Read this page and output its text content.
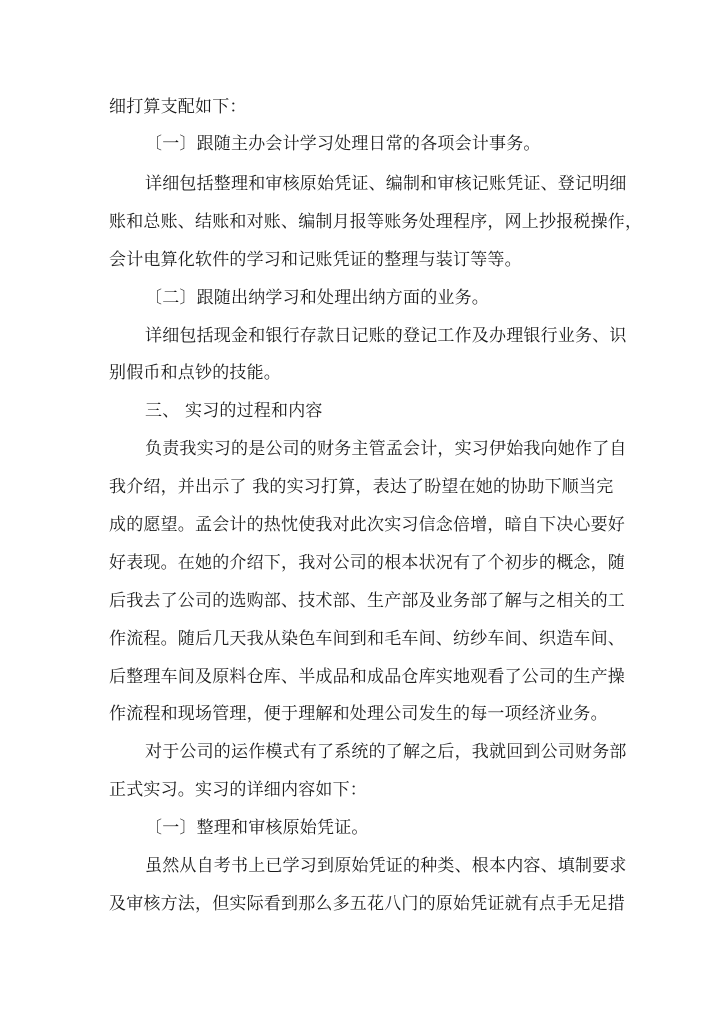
细打算支配如下：
〔一〕跟随主办会计学习处理日常的各项会计事务。
详细包括整理和审核原始凭证、编制和审核记账凭证、登记明细
账和总账、结账和对账、编制月报等账务处理程序，网上抄报税操作，
会计电算化软件的学习和记账凭证的整理与装订等等。
〔二〕跟随出纳学习和处理出纳方面的业务。
详细包括现金和银行存款日记账的登记工作及办理银行业务、识
别假币和点钞的技能。
三、 实习的过程和内容
负责我实习的是公司的财务主管孟会计，实习伊始我向她作了自
我介绍，并出示了 我的实习打算，表达了盼望在她的协助下顺当完
成的愿望。孟会计的热忱使我对此次实习信念倍增，暗自下决心要好
好表现。在她的介绍下，我对公司的根本状况有了个初步的概念，随
后我去了公司的选购部、技术部、生产部及业务部了解与之相关的工
作流程。随后几天我从染色车间到和毛车间、纺纱车间、织造车间、
后整理车间及原料仓库、半成品和成品仓库实地观看了公司的生产操
作流程和现场管理，便于理解和处理公司发生的每一项经济业务。
对于公司的运作模式有了系统的了解之后，我就回到公司财务部
正式实习。实习的详细内容如下：
〔一〕整理和审核原始凭证。
虽然从自考书上已学习到原始凭证的种类、根本内容、填制要求
及审核方法，但实际看到那么多五花八门的原始凭证就有点手无足措
